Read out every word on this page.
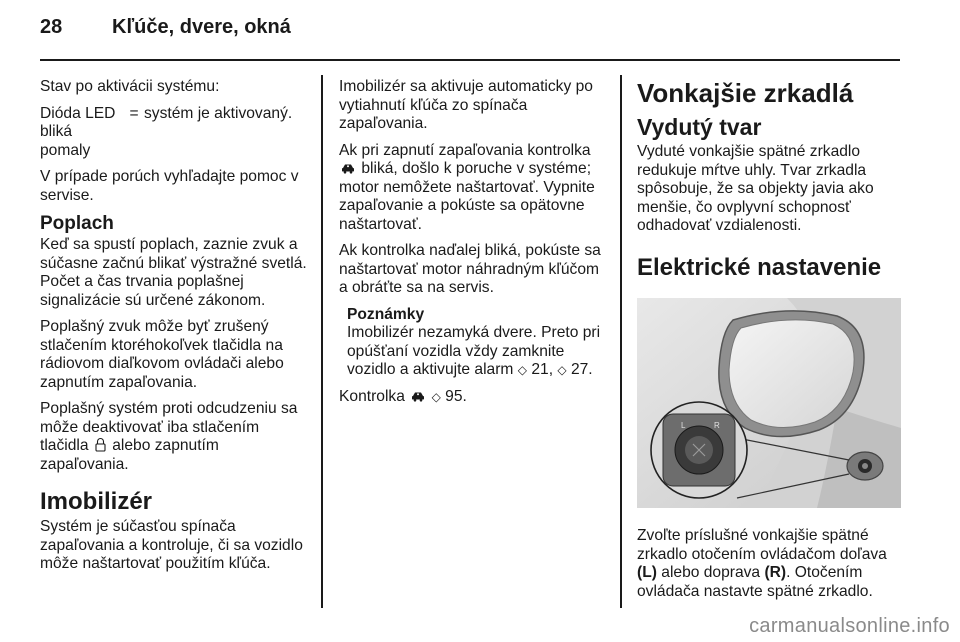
28 Kľúče, dvere, okná

Stav po aktivácii systému:

Dióda LED bliká pomaly
= systém je aktivovaný.

V prípade porúch vyhľadajte pomoc v servise.

Poplach

Keď sa spustí poplach, zaznie zvuk a súčasne začnú blikať výstražné svetlá. Počet a čas trvania poplašnej signalizácie sú určené zákonom.

Poplašný zvuk môže byť zrušený stlačením ktoréhokoľvek tlačidla na rádiovom diaľkovom ovládači alebo zapnutím zapaľovania.

Poplašný systém proti odcudzeniu sa môže deaktivovať iba stlačením tlačidla alebo zapnutím zapaľovania.

Imobilizér

Systém je súčasťou spínača zapaľovania a kontroluje, či sa vozidlo môže naštartovať použitím kľúča.

Imobilizér sa aktivuje automaticky po vytiahnutí kľúča zo spínača zapaľovania.

Ak pri zapnutí zapaľovania kontrolka  bliká, došlo k poruche v systéme; motor nemôžete naštartovať. Vypnite zapaľovanie a pokúste sa opätovne naštartovať.

Ak kontrolka naďalej bliká, pokúste sa naštartovať motor náhradným kľúčom a obráťte sa na servis.

Poznámky
Imobilizér nezamyká dvere. Preto pri opúšťaní vozidla vždy zamknite vozidlo a aktivujte alarm ◇ 21, ◇ 27.

Kontrolka ◇ 95.

Vonkajšie zrkadlá
Vydutý tvar

Vyduté vonkajšie spätné zrkadlo redukuje mŕtve uhly. Tvar zrkadla spôsobuje, že sa objekty javia ako menšie, čo ovplyvní schopnosť odhadovať vzdialenosti.

Elektrické nastavenie
L	R

Zvoľte príslušné vonkajšie spätné zrkadlo otočením ovládačom doľava (L) alebo doprava (R). Otočením ovládača nastavte spätné zrkadlo.

carmanualsonline.info
